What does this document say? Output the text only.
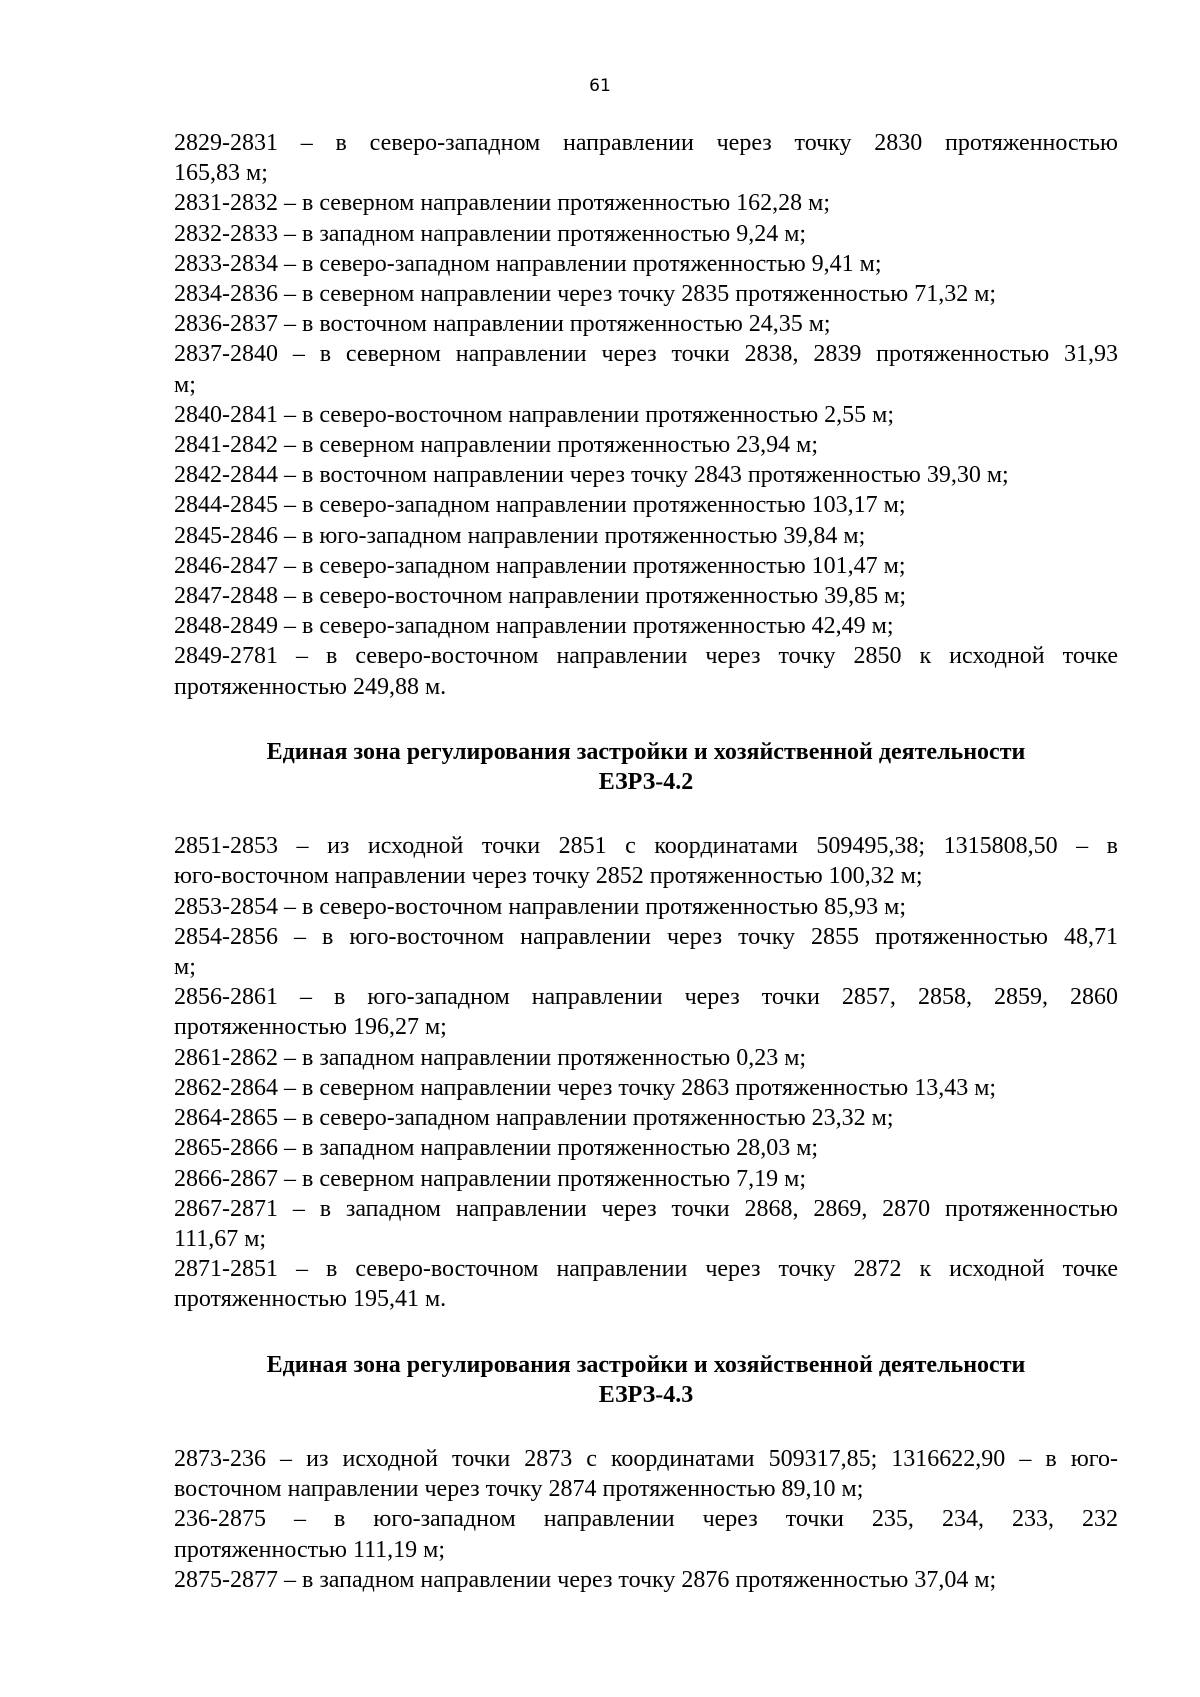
61
2829-2831 – в северо-западном направлении через точку 2830 протяженностью
165,83 м;
2831-2832 – в северном направлении протяженностью 162,28 м;
2832-2833 – в западном направлении протяженностью 9,24 м;
2833-2834 – в северо-западном направлении протяженностью 9,41 м;
2834-2836 – в северном направлении через точку 2835 протяженностью 71,32 м;
2836-2837 – в восточном направлении протяженностью 24,35 м;
2837-2840 – в северном направлении через точки 2838, 2839 протяженностью 31,93
м;
2840-2841 – в северо-восточном направлении протяженностью 2,55 м;
2841-2842 – в северном направлении протяженностью 23,94 м;
2842-2844 – в восточном направлении через точку 2843 протяженностью 39,30 м;
2844-2845 – в северо-западном направлении протяженностью 103,17 м;
2845-2846 – в юго-западном направлении протяженностью 39,84 м;
2846-2847 – в северо-западном направлении протяженностью 101,47 м;
2847-2848 – в северо-восточном направлении протяженностью 39,85 м;
2848-2849 – в северо-западном направлении протяженностью 42,49 м;
2849-2781 – в северо-восточном направлении через точку 2850 к исходной точке
протяженностью 249,88 м.

Единая зона регулирования застройки и хозяйственной деятельности
ЕЗРЗ-4.2

2851-2853 – из исходной точки 2851 с координатами 509495,38; 1315808,50 – в
юго-восточном направлении через точку 2852 протяженностью 100,32 м;
2853-2854 – в северо-восточном направлении протяженностью 85,93 м;
2854-2856 – в юго-восточном направлении через точку 2855 протяженностью 48,71
м;
2856-2861 – в юго-западном направлении через точки 2857, 2858, 2859, 2860
протяженностью 196,27 м;
2861-2862 – в западном направлении протяженностью 0,23 м;
2862-2864 – в северном направлении через точку 2863 протяженностью 13,43 м;
2864-2865 – в северо-западном направлении протяженностью 23,32 м;
2865-2866 – в западном направлении протяженностью 28,03 м;
2866-2867 – в северном направлении протяженностью 7,19 м;
2867-2871 – в западном направлении через точки 2868, 2869, 2870 протяженностью
111,67 м;
2871-2851 – в северо-восточном направлении через точку 2872 к исходной точке
протяженностью 195,41 м.

Единая зона регулирования застройки и хозяйственной деятельности
ЕЗРЗ-4.3

2873-236 – из исходной точки 2873 с координатами 509317,85; 1316622,90 – в юго-
восточном направлении через точку 2874 протяженностью 89,10 м;
236-2875 – в юго-западном направлении через точки 235, 234, 233, 232
протяженностью 111,19 м;
2875-2877 – в западном направлении через точку 2876 протяженностью 37,04 м;
